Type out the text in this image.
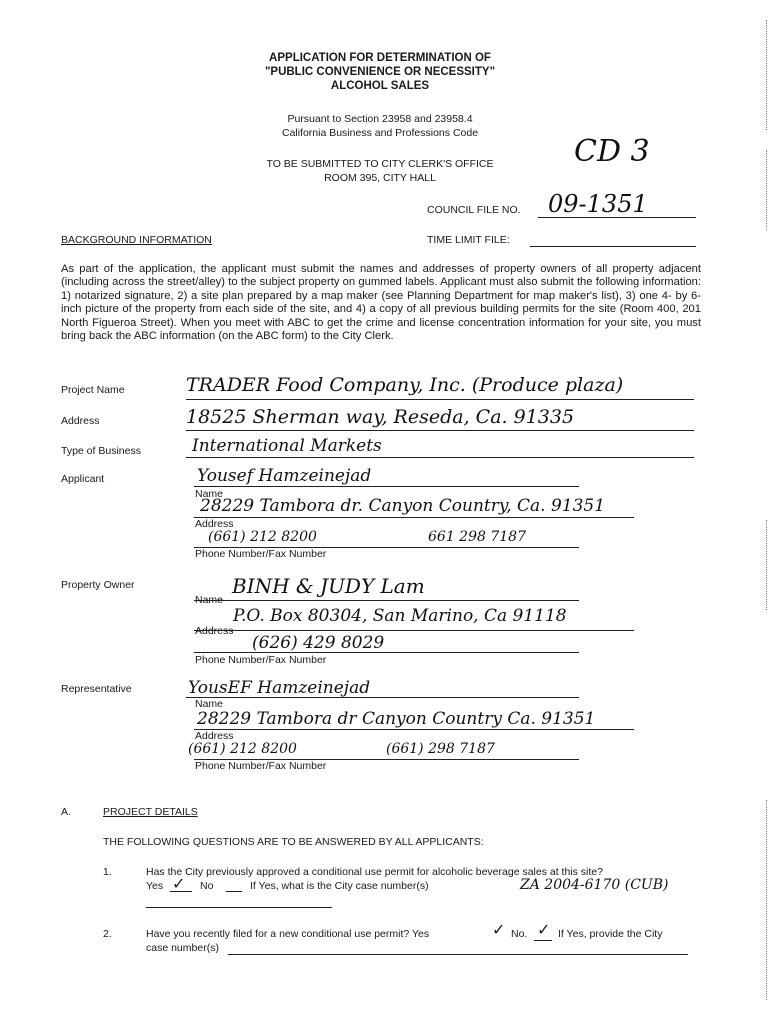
APPLICATION FOR DETERMINATION OF
"PUBLIC CONVENIENCE OR NECESSITY"
ALCOHOL SALES
Pursuant to Section 23958 and 23958.4
California Business and Professions Code
TO BE SUBMITTED TO CITY CLERK'S OFFICE
ROOM 395, CITY HALL
CD 3
COUNCIL FILE NO. 09-1351
BACKGROUND INFORMATION	TIME LIMIT FILE:
As part of the application, the applicant must submit the names and addresses of property owners of all property adjacent (including across the street/alley) to the subject property on gummed labels. Applicant must also submit the following information: 1) notarized signature, 2) a site plan prepared by a map maker (see Planning Department for map maker's list), 3) one 4- by 6-inch picture of the property from each side of the site, and 4) a copy of all previous building permits for the site (Room 400, 201 North Figueroa Street). When you meet with ABC to get the crime and license concentration information for your site, you must bring back the ABC information (on the ABC form) to the City Clerk.
Project Name	TRADER Food Company, Inc. (Produce plaza)
Address	18525 Sherman way, Reseda, Ca. 91335
Type of Business	International Markets
Applicant	Yousef Hamzeinejad
Name
28229 Tambora dr. Canyon Country, Ca. 91351
Address
(661) 212 8200	661 298 7187
Phone Number/Fax Number
Property Owner	BINH & JUDY Lam
Name
P.O. Box 80304, San Marino, Ca 91118
Address
(626) 429 8029
Phone Number/Fax Number
Representative	YousEF Hamzeinejad
Name
28229 Tambora dr Canyon Country Ca. 91351
Address
(661) 212 8200	(661) 298 7187
Phone Number/Fax Number
A.	PROJECT DETAILS
THE FOLLOWING QUESTIONS ARE TO BE ANSWERED BY ALL APPLICANTS:
1.	Has the City previously approved a conditional use permit for alcoholic beverage sales at this site?
Yes ✓ No	If Yes, what is the City case number(s)	ZA 2004-6170 (CUB)
2.	Have you recently filed for a new conditional use permit? Yes	✓ No. ✓ If Yes, provide the City
case number(s)
